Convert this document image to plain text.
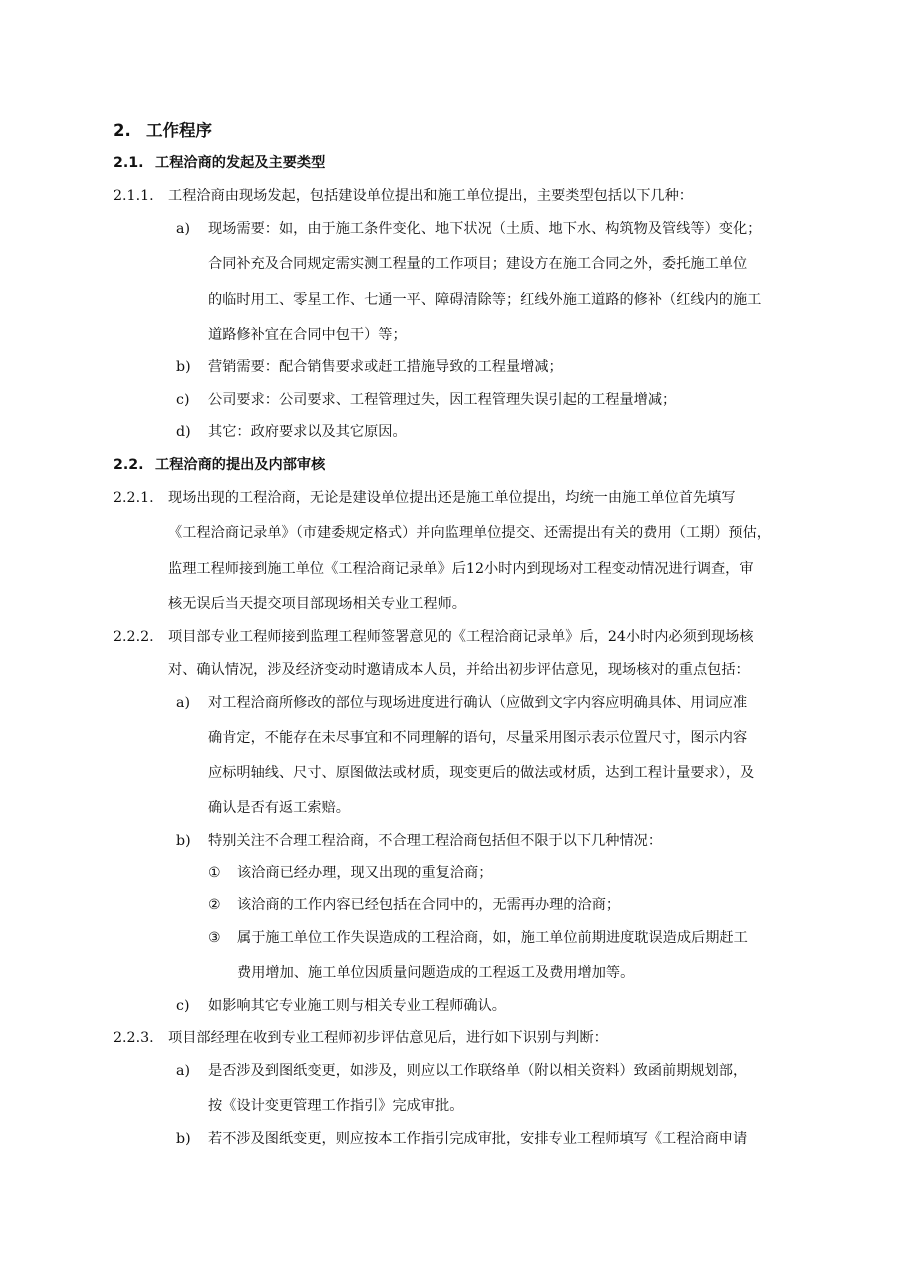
2. 工作程序
2.1. 工程洽商的发起及主要类型
2.1.1. 工程洽商由现场发起，包括建设单位提出和施工单位提出，主要类型包括以下几种：
a) 现场需要：如，由于施工条件变化、地下状况（土质、地下水、构筑物及管线等）变化；
合同补充及合同规定需实测工程量的工作项目；建设方在施工合同之外，委托施工单位
的临时用工、零星工作、七通一平、障碍清除等；红线外施工道路的修补（红线内的施工
道路修补宜在合同中包干）等；
b) 营销需要：配合销售要求或赶工措施导致的工程量增减；
c) 公司要求：公司要求、工程管理过失，因工程管理失误引起的工程量增减；
d) 其它：政府要求以及其它原因。
2.2. 工程洽商的提出及内部审核
2.2.1. 现场出现的工程洽商，无论是建设单位提出还是施工单位提出，均统一由施工单位首先填写
《工程洽商记录单》（市建委规定格式）并向监理单位提交、还需提出有关的费用（工期）预估，
监理工程师接到施工单位《工程洽商记录单》后12小时内到现场对工程变动情况进行调查，审
核无误后当天提交项目部现场相关专业工程师。
2.2.2. 项目部专业工程师接到监理工程师签署意见的《工程洽商记录单》后，24小时内必须到现场核
对、确认情况，涉及经济变动时邀请成本人员，并给出初步评估意见，现场核对的重点包括：
a) 对工程洽商所修改的部位与现场进度进行确认（应做到文字内容应明确具体、用词应准
确肯定，不能存在未尽事宜和不同理解的语句，尽量采用图示表示位置尺寸，图示内容
应标明轴线、尺寸、原图做法或材质，现变更后的做法或材质，达到工程计量要求），及
确认是否有返工索赔。
b) 特别关注不合理工程洽商，不合理工程洽商包括但不限于以下几种情况：
① 该洽商已经办理，现又出现的重复洽商；
② 该洽商的工作内容已经包括在合同中的，无需再办理的洽商；
③ 属于施工单位工作失误造成的工程洽商，如，施工单位前期进度耽误造成后期赶工
费用增加、施工单位因质量问题造成的工程返工及费用增加等。
c) 如影响其它专业施工则与相关专业工程师确认。
2.2.3. 项目部经理在收到专业工程师初步评估意见后，进行如下识别与判断：
a) 是否涉及到图纸变更，如涉及，则应以工作联络单（附以相关资料）致函前期规划部，
按《设计变更管理工作指引》完成审批。
b) 若不涉及图纸变更，则应按本工作指引完成审批，安排专业工程师填写《工程洽商申请
